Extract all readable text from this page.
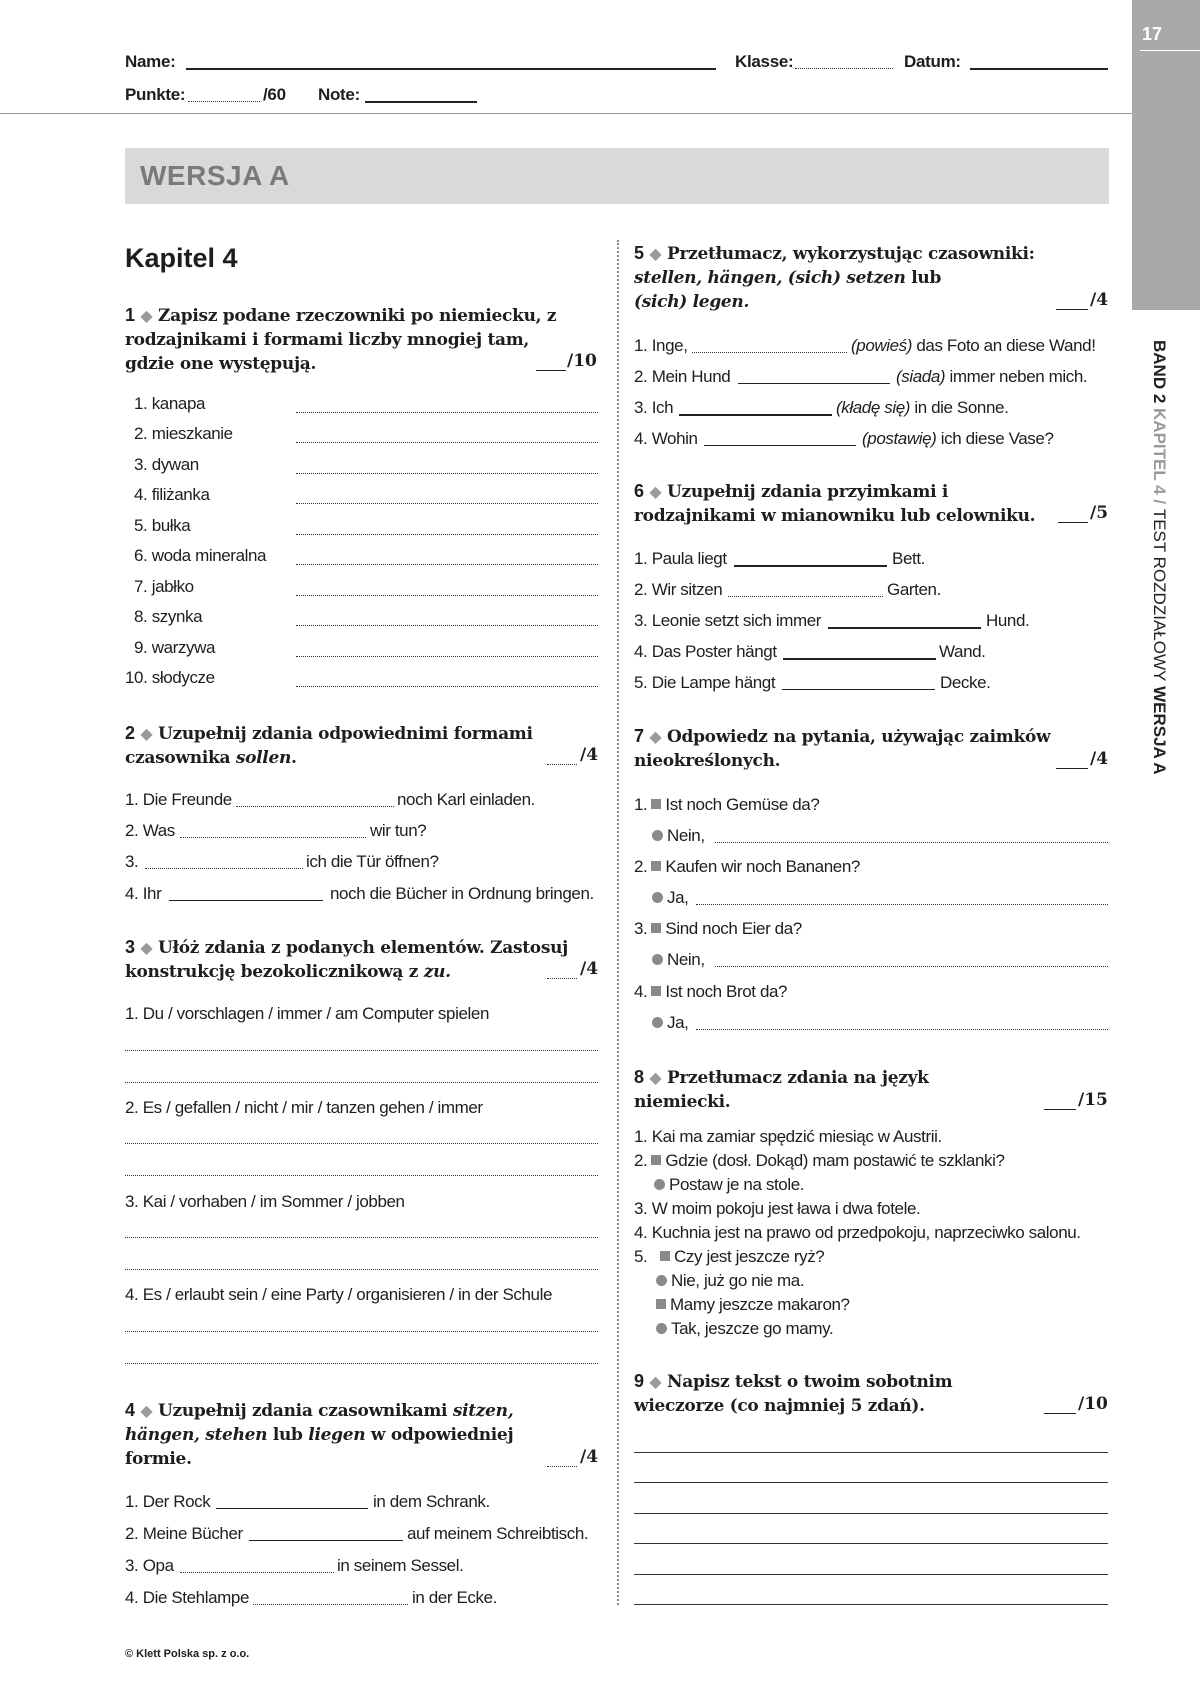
Name:	Klasse:	Datum:
Punkte:	/60 Note:
17
BAND 2 KAPITEL 4 / TEST ROZDZIAŁOWY WERSJA A
WERSJA A
Kapitel 4
1 ◆ Zapisz podane rzeczowniki po niemiecku, z rodzajnikami i formami liczby mnogiej tam, gdzie one występują.	/10
1. kanapa
2. mieszkanie
3. dywan
4. filiżanka
5. bułka
6. woda mineralna
7. jabłko
8. szynka
9. warzywa
10. słodycze
2 ◆ Uzupełnij zdania odpowiednimi formami czasownika sollen.	/4
1. Die Freunde	noch Karl einladen.
2. Was	wir tun?
3.	ich die Tür öffnen?
4. Ihr	noch die Bücher in Ordnung bringen.
3 ◆ Ułóż zdania z podanych elementów. Zastosuj konstrukcję bezokolicznikową z zu.	/4
1. Du / vorschlagen / immer / am Computer spielen
2. Es / gefallen / nicht / mir / tanzen gehen / immer
3. Kai / vorhaben / im Sommer / jobben
4. Es / erlaubt sein / eine Party / organisieren / in der Schule
4 ◆ Uzupełnij zdania czasownikami sitzen, hängen, stehen lub liegen w odpowiedniej formie.	/4
1. Der Rock	in dem Schrank.
2. Meine Bücher	auf meinem Schreibtisch.
3. Opa	in seinem Sessel.
4. Die Stehlampe	in der Ecke.
5 ◆ Przetłumacz, wykorzystując czasowniki:
stellen, hängen, (sich) setzen lub
(sich) legen.	/4
1. Inge,	(powieś) das Foto an diese Wand!
2. Mein Hund	(siada) immer neben mich.
3. Ich	(kładę się) in die Sonne.
4. Wohin	(postawię) ich diese Vase?
6 ◆ Uzupełnij zdania przyimkami i rodzajnikami w mianowniku lub celowniku.	/5
1. Paula liegt	Bett.
2. Wir sitzen	Garten.
3. Leonie setzt sich immer	Hund.
4. Das Poster hängt	Wand.
5. Die Lampe hängt	Decke.
7 ◆ Odpowiedz na pytania, używając zaimków nieokreślonych.	/4
1. Ist noch Gemüse da?
Nein,
2. Kaufen wir noch Bananen?
Ja,
3. Sind noch Eier da?
Nein,
4. Ist noch Brot da?
Ja,
8 ◆ Przetłumacz zdania na język niemiecki.	/15
1. Kai ma zamiar spędzić miesiąc w Austrii.
2. Gdzie (dosł. Dokąd) mam postawić te szklanki?
Postaw je na stole.
3. W moim pokoju jest ława i dwa fotele.
4. Kuchnia jest na prawo od przedpokoju, naprzeciwko salonu.
5. Czy jest jeszcze ryż?
Nie, już go nie ma.
Mamy jeszcze makaron?
Tak, jeszcze go mamy.
9 ◆ Napisz tekst o twoim sobotnim wieczorze (co najmniej 5 zdań).	/10
© Klett Polska sp. z o.o.
